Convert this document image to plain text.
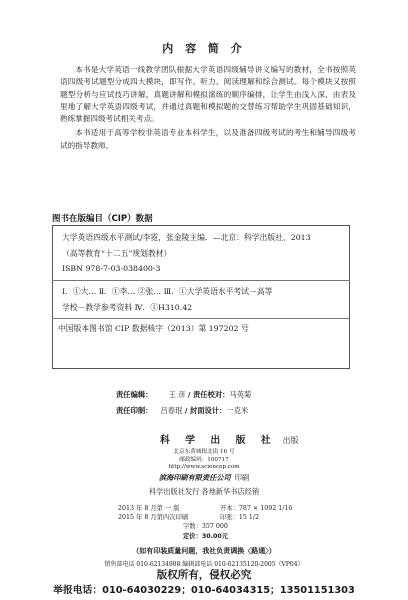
内 容 简 介

本书是大学英语一线教学团队根据大学英语四级辅导讲义编写的教材，全书按照英语四级考试题型分成四大模块，即写作、听力、阅读理解和综合测试。每个模块又按照题型分析与应试技巧讲解，真题讲解和模拟演练的顺序编排，让学生由浅入深、由表及里地了解大学英语四级考试，并通过真题和模拟题的交替练习帮助学生巩固基础知识，熟练掌握四级考试相关考点。

本书适用于高等学校非英语专业本科学生，以及准备四级考试的考生和辅导四级考试的指导教师。

图书在版编目（CIP）数据
大学英语四级水平测试/李霓，张金陵主编．—北京：科学出版社，2013
（高等教育“十二五”规划教材）
ISBN 978-7-03-038400-3
Ⅰ．①大… Ⅱ．①李… ②张… Ⅲ．①大学英语水平考试－高等
学校－教学参考资料 Ⅳ．①H310.42
中国版本图书馆 CIP 数据核字（2013）第 197202 号
责任编辑： 王 彦 / 责任校对：马英菊
责任印制： 吕春珉 / 封面设计：一克米
科 学 出 版 社 出版
北京东黄城根北街 16 号
邮政编码：100717
http://www.sciencep.com
滨海印刷有限责任公司 印刷
科学出版社发行 各地新华书店经销
2013 年 8 月第 一 版	开本：787 × 1092 1/16
2015 年 8 月第四次印刷	印张：15 1/2
字数：357 000
定价：30.00元
（如有印装质量问题，我社负责调换〈路通〉）
销售部电话 010-62134988 编辑部电话 010-62135120-2005（VP04）
版权所有，侵权必究
举报电话：010-64030229；010-64034315；13501151303
